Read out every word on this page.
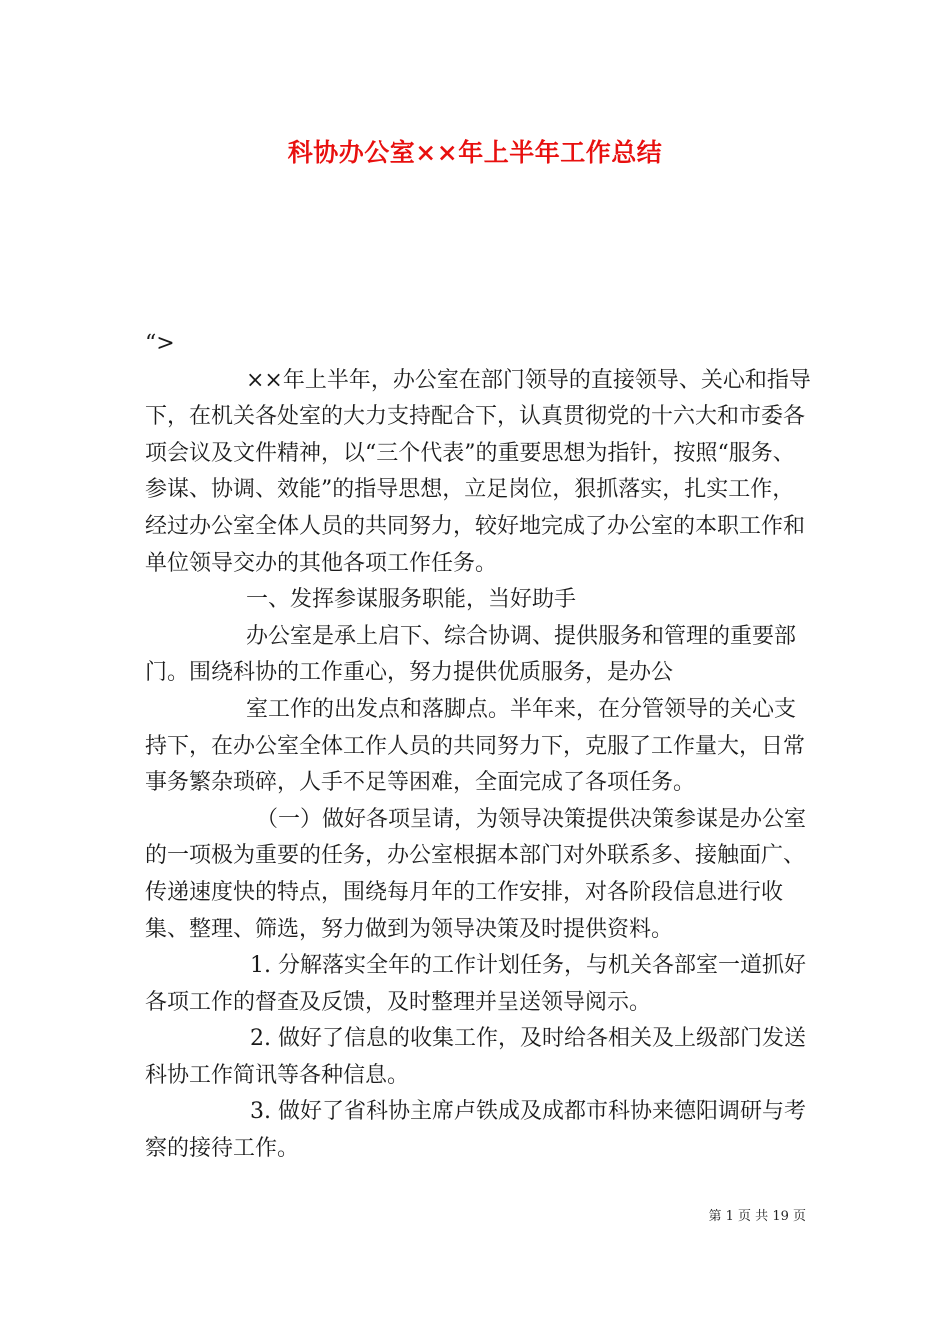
科协办公室××年上半年工作总结

“>

××年上半年，办公室在部门领导的直接领导、关心和指导下，在机关各处室的大力支持配合下，认真贯彻党的十六大和市委各项会议及文件精神，以“三个代表”的重要思想为指针，按照“服务、参谋、协调、效能”的指导思想，立足岗位，狠抓落实，扎实工作，经过办公室全体人员的共同努力，较好地完成了办公室的本职工作和单位领导交办的其他各项工作任务。

一、发挥参谋服务职能，当好助手

办公室是承上启下、综合协调、提供服务和管理的重要部门。围绕科协的工作重心，努力提供优质服务，是办公

室工作的出发点和落脚点。半年来，在分管领导的关心支持下，在办公室全体工作人员的共同努力下，克服了工作量大，日常事务繁杂琐碎，人手不足等困难，全面完成了各项任务。

（一）做好各项呈请，为领导决策提供决策参谋是办公室的一项极为重要的任务，办公室根据本部门对外联系多、接触面广、传递速度快的特点，围绕每月年的工作安排，对各阶段信息进行收集、整理、筛选，努力做到为领导决策及时提供资料。

1. 分解落实全年的工作计划任务，与机关各部室一道抓好各项工作的督查及反馈，及时整理并呈送领导阅示。

2. 做好了信息的收集工作，及时给各相关及上级部门发送科协工作简讯等各种信息。

3. 做好了省科协主席卢铁成及成都市科协来德阳调研与考察的接待工作。

第 1 页 共 19 页
